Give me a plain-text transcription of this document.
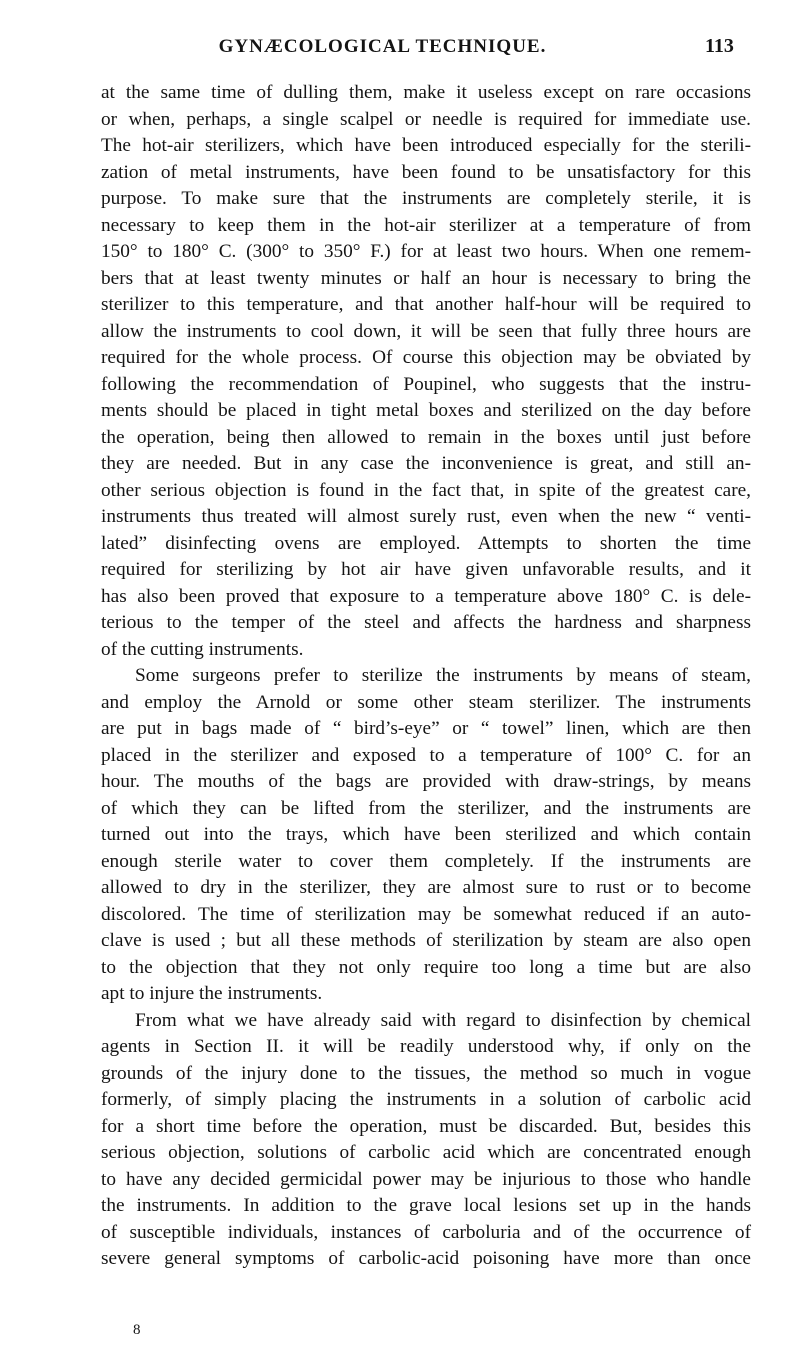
GYNÆCOLOGICAL TECHNIQUE.	113
at the same time of dulling them, make it useless except on rare occasions
or when, perhaps, a single scalpel or needle is required for immediate use.
The hot-air sterilizers, which have been introduced especially for the sterili-
zation of metal instruments, have been found to be unsatisfactory for this
purpose. To make sure that the instruments are completely sterile, it is
necessary to keep them in the hot-air sterilizer at a temperature of from
150° to 180° C. (300° to 350° F.) for at least two hours. When one remem-
bers that at least twenty minutes or half an hour is necessary to bring the
sterilizer to this temperature, and that another half-hour will be required to
allow the instruments to cool down, it will be seen that fully three hours are
required for the whole process. Of course this objection may be obviated by
following the recommendation of Poupinel, who suggests that the instru-
ments should be placed in tight metal boxes and sterilized on the day before
the operation, being then allowed to remain in the boxes until just before
they are needed. But in any case the inconvenience is great, and still an-
other serious objection is found in the fact that, in spite of the greatest care,
instruments thus treated will almost surely rust, even when the new “ venti-
lated” disinfecting ovens are employed. Attempts to shorten the time
required for sterilizing by hot air have given unfavorable results, and it
has also been proved that exposure to a temperature above 180° C. is dele-
terious to the temper of the steel and affects the hardness and sharpness
of the cutting instruments.
Some surgeons prefer to sterilize the instruments by means of steam,
and employ the Arnold or some other steam sterilizer. The instruments
are put in bags made of “ bird’s-eye” or “ towel” linen, which are then
placed in the sterilizer and exposed to a temperature of 100° C. for an
hour. The mouths of the bags are provided with draw-strings, by means
of which they can be lifted from the sterilizer, and the instruments are
turned out into the trays, which have been sterilized and which contain
enough sterile water to cover them completely. If the instruments are
allowed to dry in the sterilizer, they are almost sure to rust or to become
discolored. The time of sterilization may be somewhat reduced if an auto-
clave is used ; but all these methods of sterilization by steam are also open
to the objection that they not only require too long a time but are also
apt to injure the instruments.
From what we have already said with regard to disinfection by chemical
agents in Section II. it will be readily understood why, if only on the
grounds of the injury done to the tissues, the method so much in vogue
formerly, of simply placing the instruments in a solution of carbolic acid
for a short time before the operation, must be discarded. But, besides this
serious objection, solutions of carbolic acid which are concentrated enough
to have any decided germicidal power may be injurious to those who handle
the instruments. In addition to the grave local lesions set up in the hands
of susceptible individuals, instances of carboluria and of the occurrence of
severe general symptoms of carbolic-acid poisoning have more than once
8
